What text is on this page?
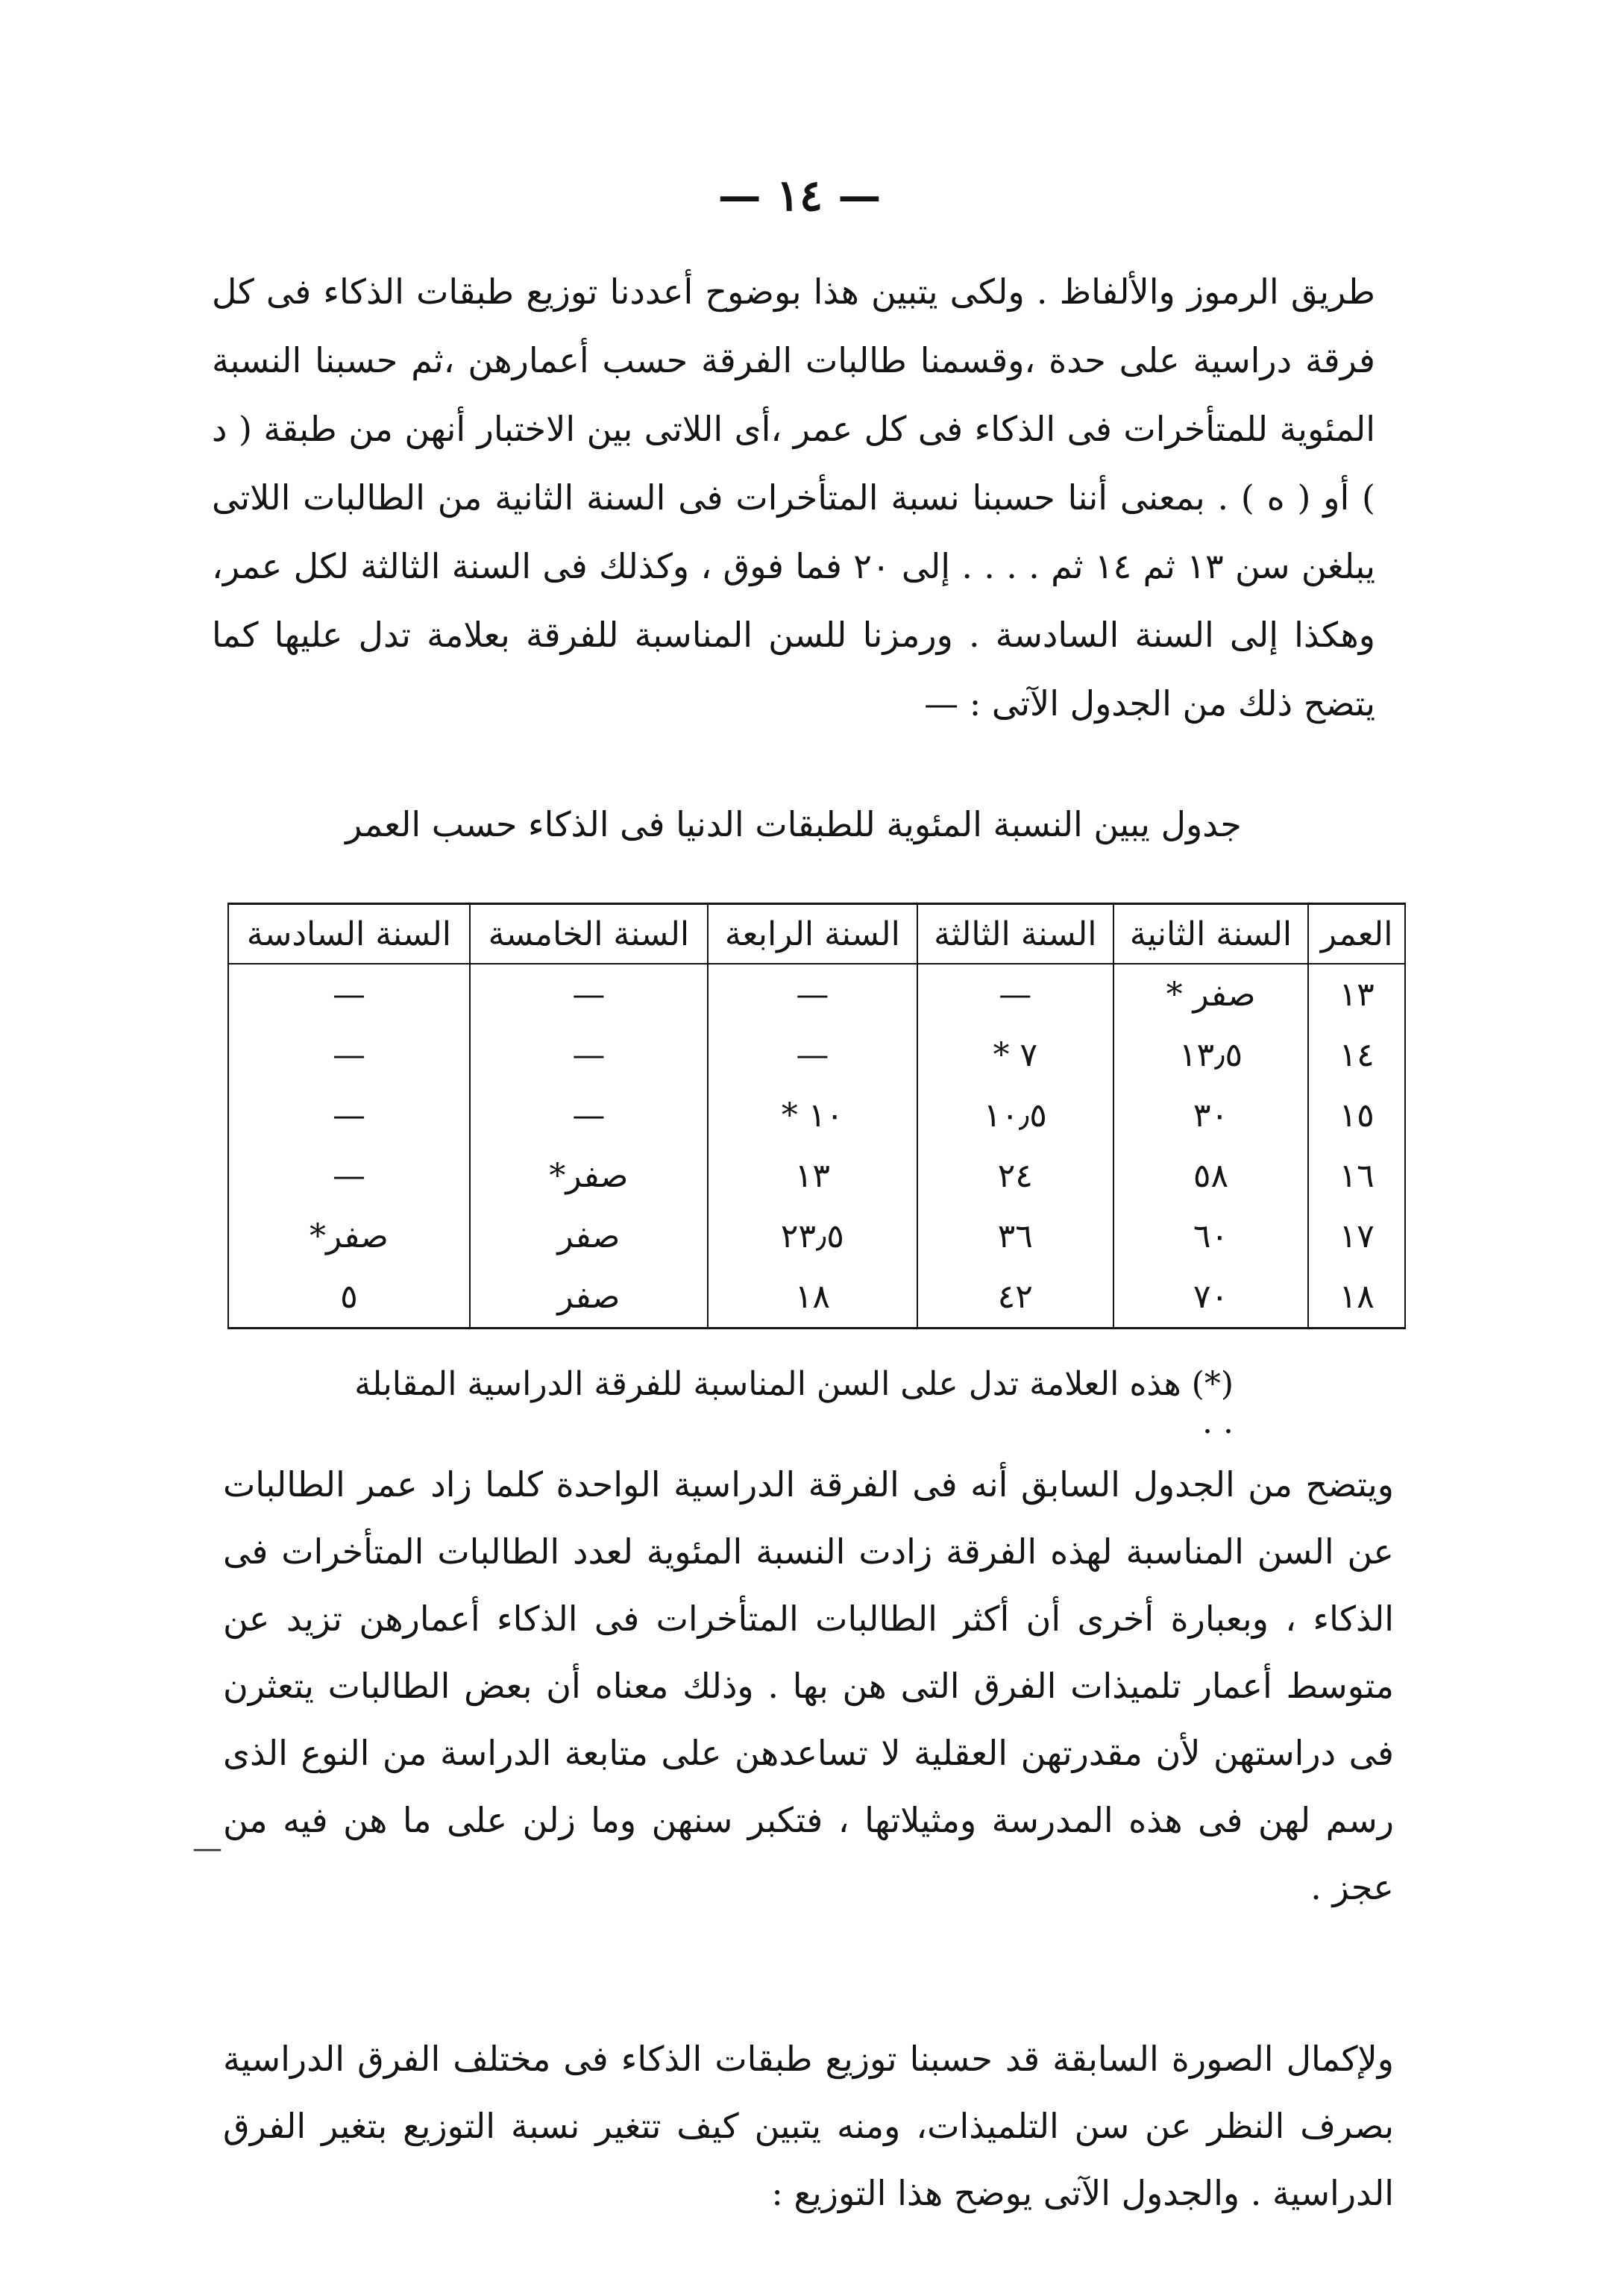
— ١٤ —

طريق الرموز والألفاظ . ولكى يتبين هذا بوضوح أعددنا توزيع طبقات الذكاء فى كل فرقة دراسية على حدة ،وقسمنا طالبات الفرقة حسب أعمارهن ،ثم حسبنا النسبة المئوية للمتأخرات فى الذكاء فى كل عمر ،أى اللاتى بين الاختبار أنهن من طبقة ( د ) أو ( ه ) . بمعنى أننا حسبنا نسبة المتأخرات فى السنة الثانية من الطالبات اللاتى يبلغن سن ١٣ ثم ١٤ ثم . . . . إلى ٢٠ فما فوق ، وكذلك فى السنة الثالثة لكل عمر، وهكذا إلى السنة السادسة . ورمزنا للسن المناسبة للفرقة بعلامة تدل عليها كما يتضح ذلك من الجدول الآتى : —

جدول يبين النسبة المئوية للطبقات الدنيا فى الذكاء حسب العمر
العمر	السنة الثانية	السنة الثالثة	السنة الرابعة	السنة الخامسة	السنة السادسة
١٣	صفر *	—	—	—	—
١٤	١٣٫٥	٧ *	—	—	—
١٥	٣٠	١٠٫٥	١٠ *	—	—
١٦	٥٨	٢٤	١٣	صفر*	—
١٧	٦٠	٣٦	٢٣٫٥	صفر	صفر*
١٨	٧٠	٤٢	١٨	صفر	٥
(*) هذه العلامة تدل على السن المناسبة للفرقة الدراسية المقابلة . .

ويتضح من الجدول السابق أنه فى الفرقة الدراسية الواحدة كلما زاد عمر الطالبات عن السن المناسبة لهذه الفرقة زادت النسبة المئوية لعدد الطالبات المتأخرات فى الذكاء ، وبعبارة أخرى أن أكثر الطالبات المتأخرات فى الذكاء أعمارهن تزيد عن متوسط أعمار تلميذات الفرق التى هن بها . وذلك معناه أن بعض الطالبات يتعثرن فى دراستهن لأن مقدرتهن العقلية لا تساعدهن على متابعة الدراسة من النوع الذى رسم لهن فى هذه المدرسة ومثيلاتها ، فتكبر سنهن وما زلن على ما هن فيه من عجز .

—

ولإكمال الصورة السابقة قد حسبنا توزيع طبقات الذكاء فى مختلف الفرق الدراسية بصرف النظر عن سن التلميذات، ومنه يتبين كيف تتغير نسبة التوزيع بتغير الفرق الدراسية . والجدول الآتى يوضح هذا التوزيع :
